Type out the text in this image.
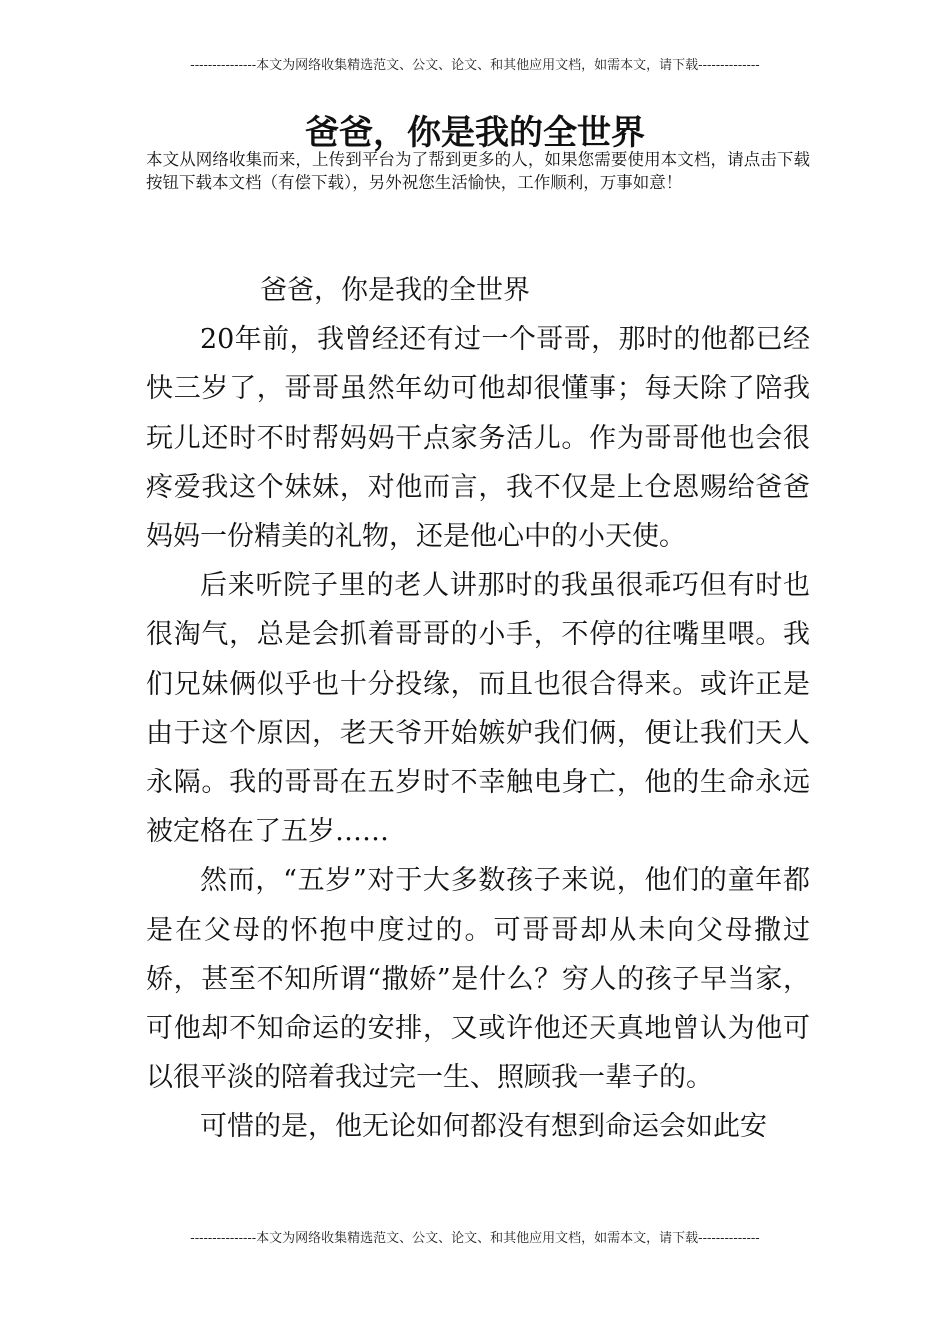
---------------本文为网络收集精选范文、公文、论文、和其他应用文档，如需本文，请下载--------------
爸爸，你是我的全世界
本文从网络收集而来，上传到平台为了帮到更多的人，如果您需要使用本文档，请点击下载按钮下载本文档（有偿下载），另外祝您生活愉快，工作顺利，万事如意！

爸爸，你是我的全世界

20年前，我曾经还有过一个哥哥，那时的他都已经快三岁了，哥哥虽然年幼可他却很懂事；每天除了陪我玩儿还时不时帮妈妈干点家务活儿。作为哥哥他也会很疼爱我这个妹妹，对他而言，我不仅是上仓恩赐给爸爸妈妈一份精美的礼物，还是他心中的小天使。

后来听院子里的老人讲那时的我虽很乖巧但有时也很淘气，总是会抓着哥哥的小手，不停的往嘴里喂。我们兄妹俩似乎也十分投缘，而且也很合得来。或许正是由于这个原因，老天爷开始嫉妒我们俩，便让我们天人永隔。我的哥哥在五岁时不幸触电身亡，他的生命永远被定格在了五岁……

然而，“五岁”对于大多数孩子来说，他们的童年都是在父母的怀抱中度过的。可哥哥却从未向父母撒过娇，甚至不知所谓“撒娇”是什么？穷人的孩子早当家，可他却不知命运的安排，又或许他还天真地曾认为他可以很平淡的陪着我过完一生、照顾我一辈子的。

可惜的是，他无论如何都没有想到命运会如此安

---------------本文为网络收集精选范文、公文、论文、和其他应用文档，如需本文，请下载--------------
